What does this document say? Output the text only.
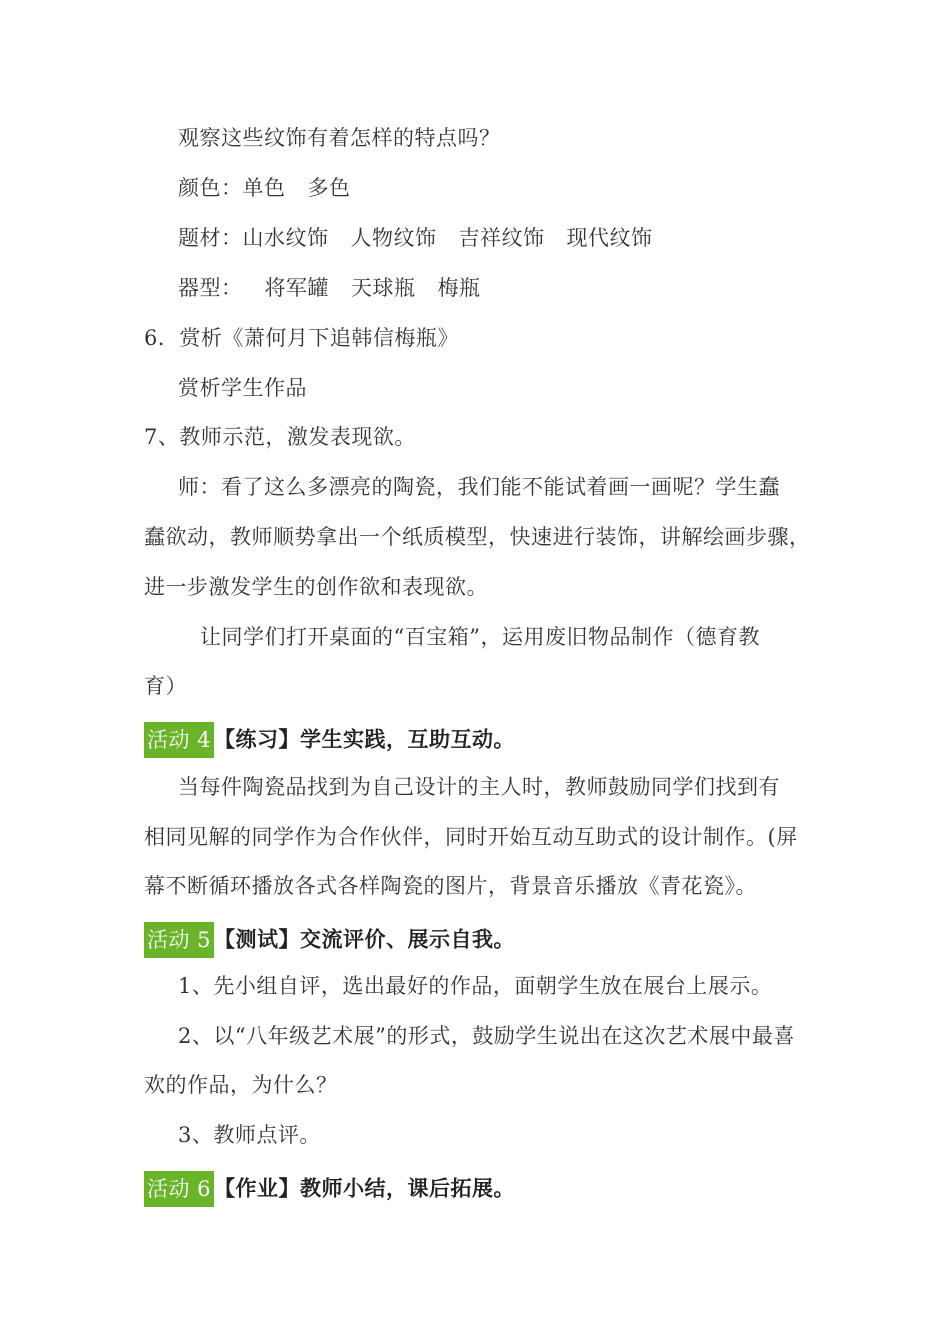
观察这些纹饰有着怎样的特点吗？
颜色：单色 多色
题材：山水纹饰 人物纹饰 吉祥纹饰 现代纹饰
器型： 将军罐 天球瓶 梅瓶
6．赏析《萧何月下追韩信梅瓶》
赏析学生作品
7、教师示范，激发表现欲。
师：看了这么多漂亮的陶瓷，我们能不能试着画一画呢？学生蠢
蠢欲动，教师顺势拿出一个纸质模型，快速进行装饰，讲解绘画步骤，
进一步激发学生的创作欲和表现欲。
让同学们打开桌面的“百宝箱”，运用废旧物品制作（德育教
育）
活动 4 【练习】学生实践，互助互动。
当每件陶瓷品找到为自己设计的主人时，教师鼓励同学们找到有
相同见解的同学作为合作伙伴，同时开始互动互助式的设计制作。(屏
幕不断循环播放各式各样陶瓷的图片，背景音乐播放《青花瓷》。
活动 5 【测试】交流评价、展示自我。
1、先小组自评，选出最好的作品，面朝学生放在展台上展示。
2、以“八年级艺术展”的形式，鼓励学生说出在这次艺术展中最喜
欢的作品，为什么？
3、教师点评。
活动 6 【作业】教师小结，课后拓展。
